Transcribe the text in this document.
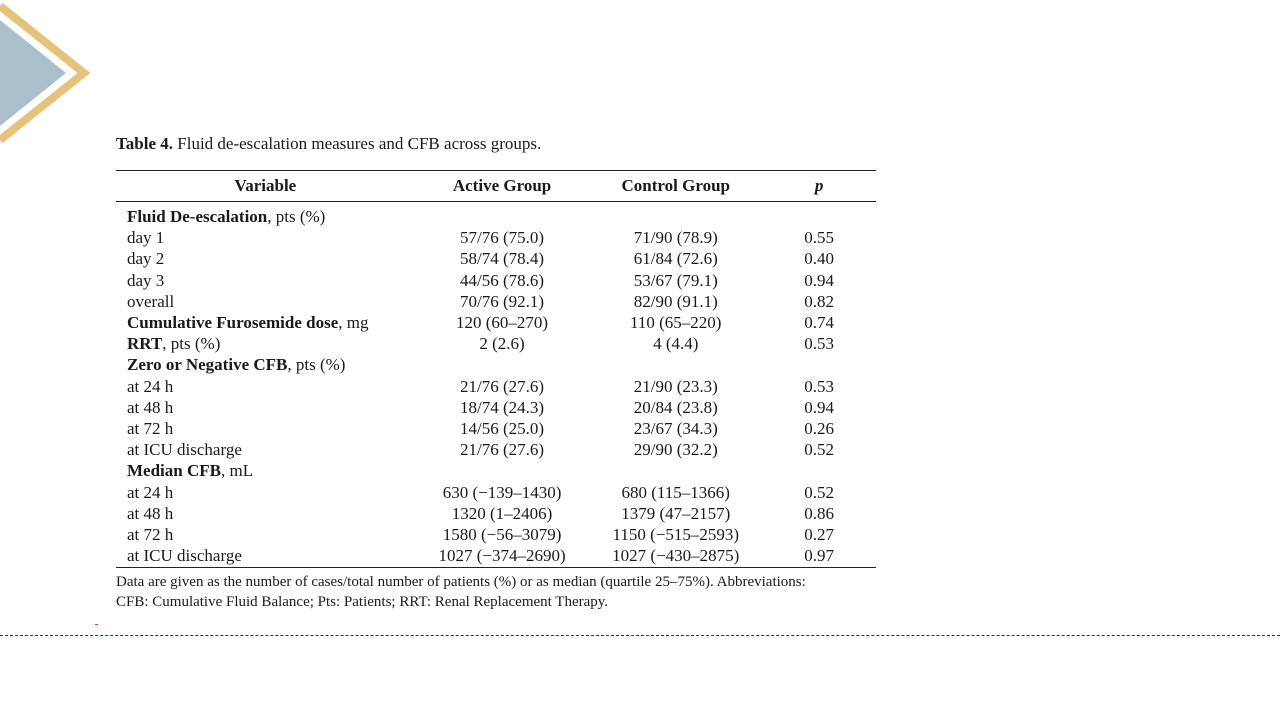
Table 4. Fluid de-escalation measures and CFB across groups.
Variable	Active Group	Control Group	p
Fluid De-escalation, pts (%)			
day 1	57/76 (75.0)	71/90 (78.9)	0.55
day 2	58/74 (78.4)	61/84 (72.6)	0.40
day 3	44/56 (78.6)	53/67 (79.1)	0.94
overall	70/76 (92.1)	82/90 (91.1)	0.82
Cumulative Furosemide dose, mg	120 (60–270)	110 (65–220)	0.74
RRT, pts (%)	2 (2.6)	4 (4.4)	0.53
Zero or Negative CFB, pts (%)			
at 24 h	21/76 (27.6)	21/90 (23.3)	0.53
at 48 h	18/74 (24.3)	20/84 (23.8)	0.94
at 72 h	14/56 (25.0)	23/67 (34.3)	0.26
at ICU discharge	21/76 (27.6)	29/90 (32.2)	0.52
Median CFB, mL			
at 24 h	630 (−139–1430)	680 (115–1366)	0.52
at 48 h	1320 (1–2406)	1379 (47–2157)	0.86
at 72 h	1580 (−56–3079)	1150 (−515–2593)	0.27
at ICU discharge	1027 (−374–2690)	1027 (−430–2875)	0.97
Data are given as the number of cases/total number of patients (%) or as median (quartile 25–75%). Abbreviations:
CFB: Cumulative Fluid Balance; Pts: Patients; RRT: Renal Replacement Therapy.
